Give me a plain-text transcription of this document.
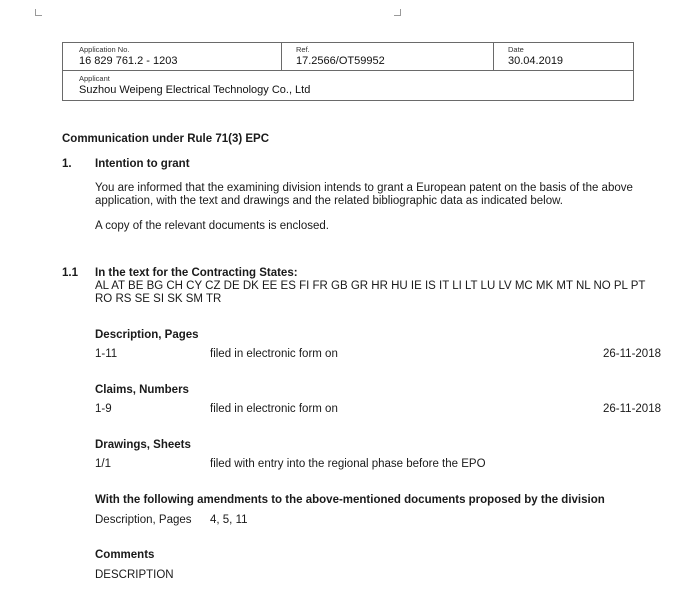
Application No.
16 829 761.2 - 1203
Ref.
17.2566/OT59952
Date
30.04.2019
Applicant
Suzhou Weipeng Electrical Technology Co., Ltd
Communication under Rule 71(3) EPC
1. Intention to grant
You are informed that the examining division intends to grant a European patent on the basis of the above
application, with the text and drawings and the related bibliographic data as indicated below.
A copy of the relevant documents is enclosed.
1.1 In the text for the Contracting States:
AL AT BE BG CH CY CZ DE DK EE ES FI FR GB GR HR HU IE IS IT LI LT LU LV MC MK MT NL NO PL PT
RO RS SE SI SK SM TR
Description, Pages
1-11	filed in electronic form on	26-11-2018
Claims, Numbers
1-9	filed in electronic form on	26-11-2018
Drawings, Sheets
1/1	filed with entry into the regional phase before the EPO
With the following amendments to the above-mentioned documents proposed by the division
Description, Pages 4, 5, 11
Comments
DESCRIPTION
